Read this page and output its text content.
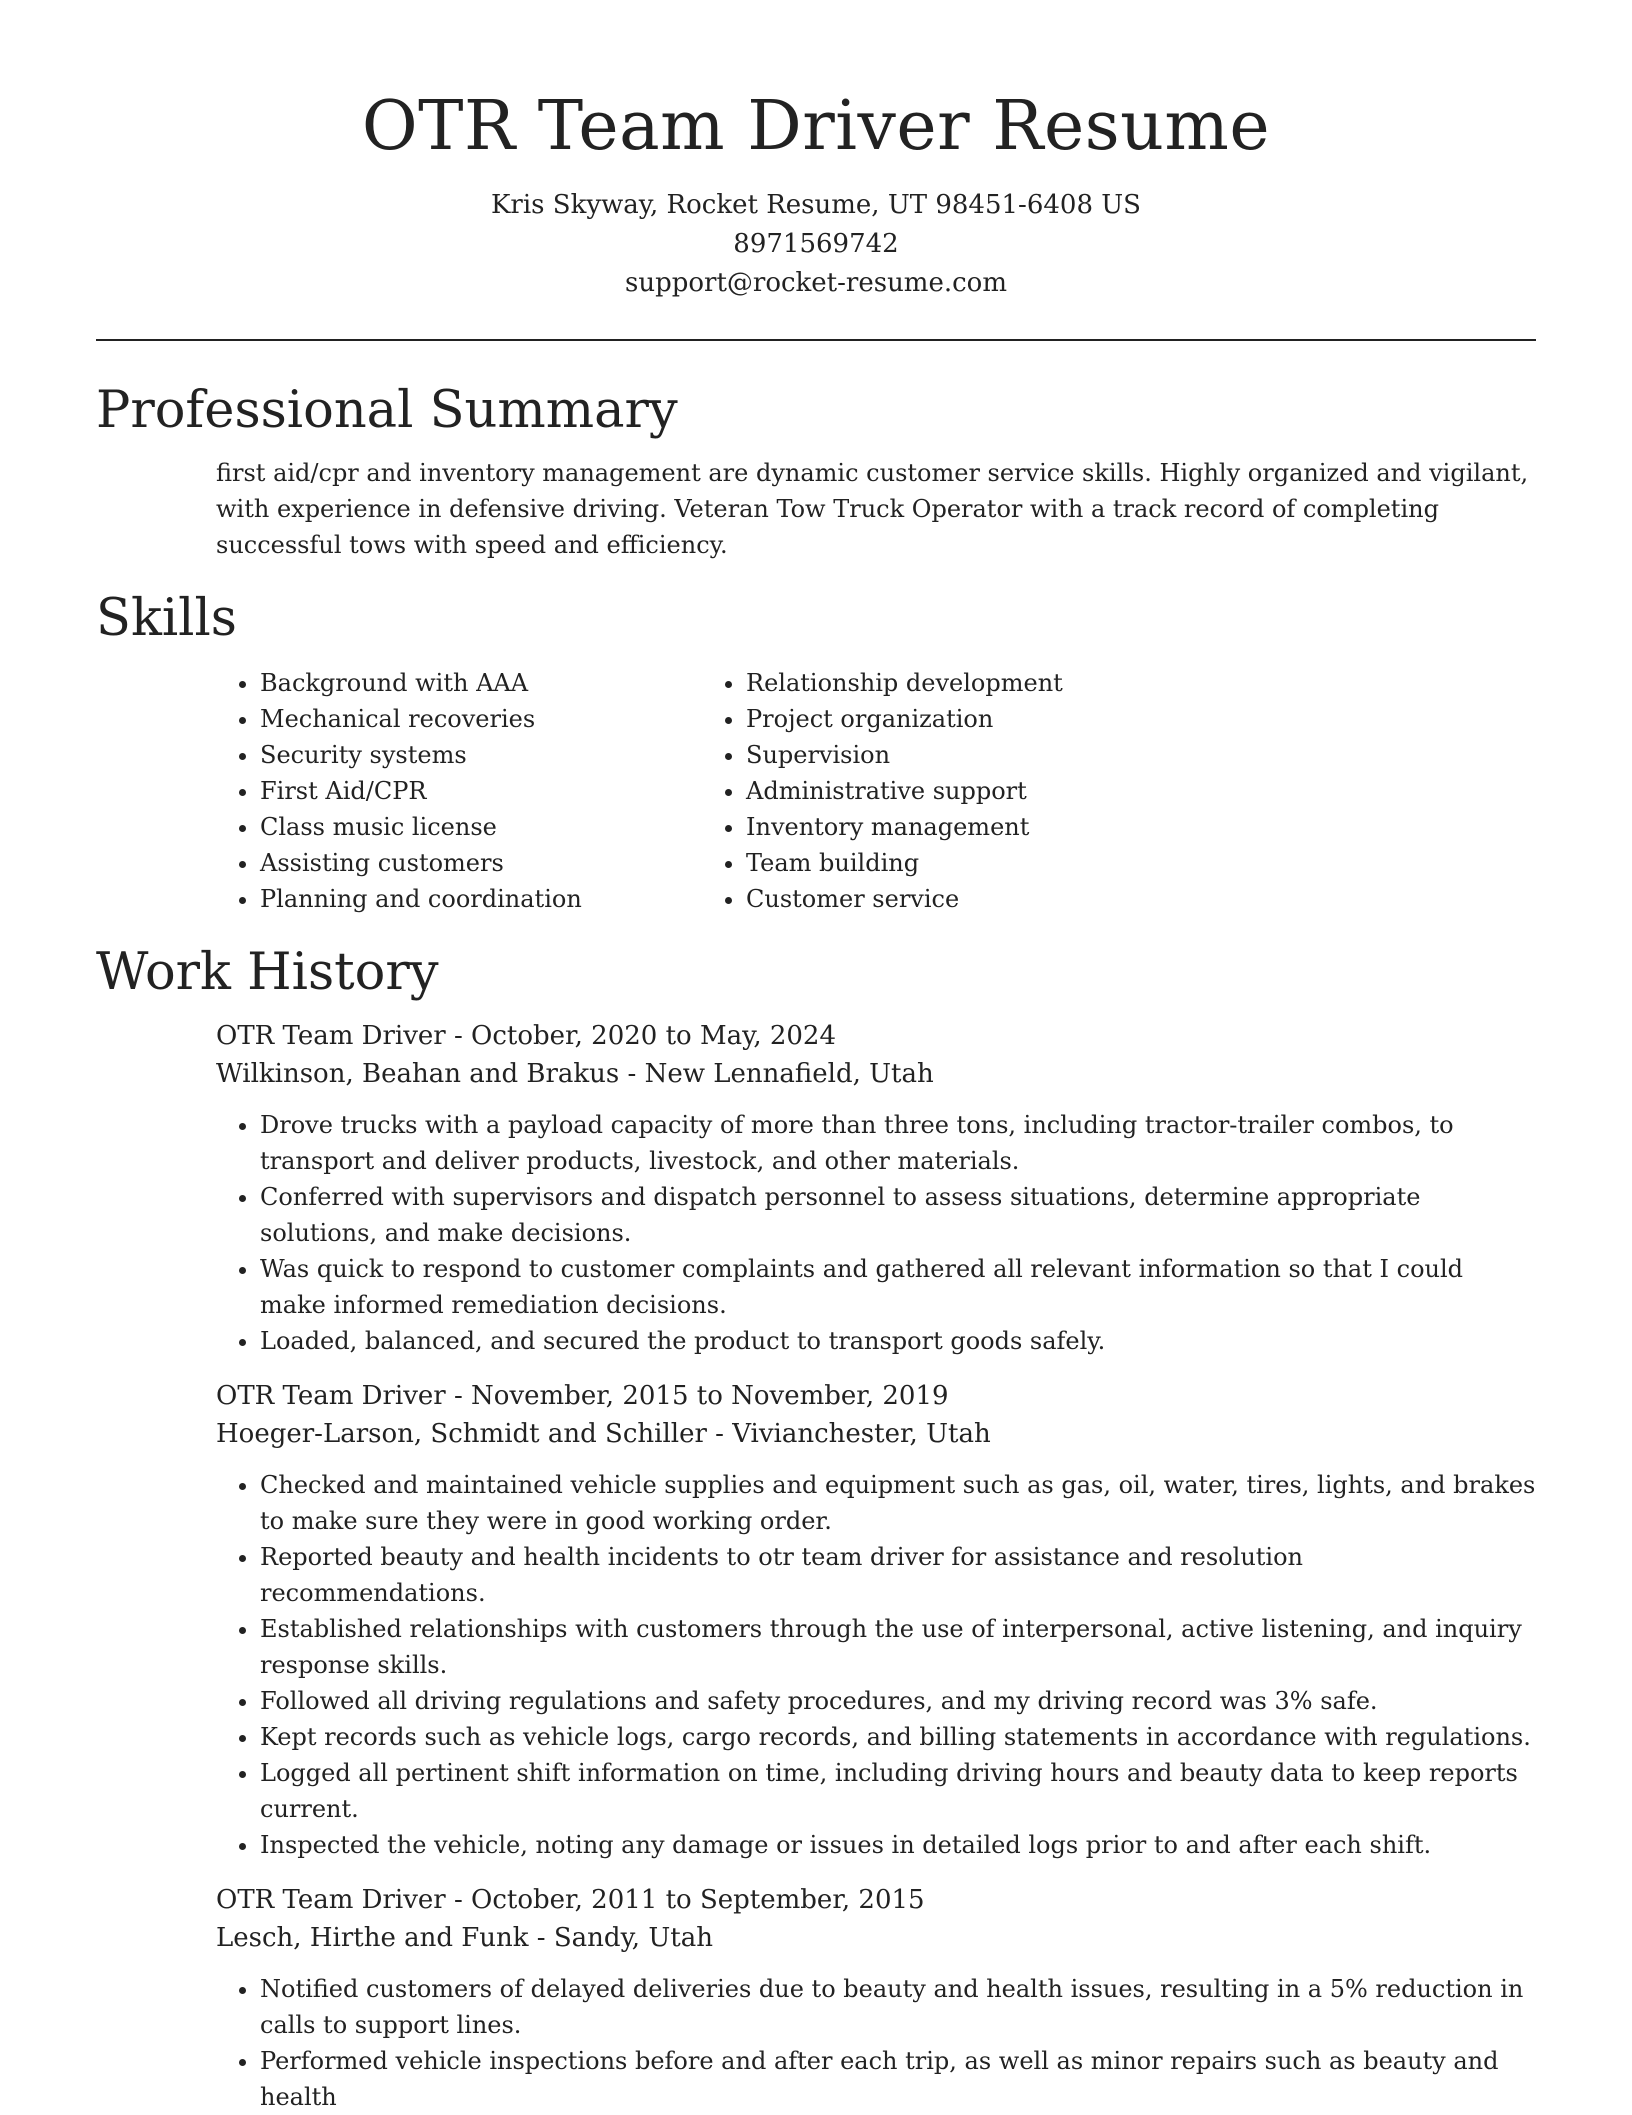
OTR Team Driver Resume

Kris Skyway, Rocket Resume, UT 98451-6408 US

8971569742

support@rocket-resume.com

Professional Summary

first aid/cpr and inventory management are dynamic customer service skills. Highly organized and vigilant, with experience in defensive driving. Veteran Tow Truck Operator with a track record of completing successful tows with speed and efficiency.

Skills
• Background with AAA
• Mechanical recoveries
• Security systems
• First Aid/CPR
• Class music license
• Assisting customers
• Planning and coordination
• Relationship development
• Project organization
• Supervision
• Administrative support
• Inventory management
• Team building
• Customer service
Work History

OTR Team Driver - October, 2020 to May, 2024

Wilkinson, Beahan and Brakus - New Lennafield, Utah

• Drove trucks with a payload capacity of more than three tons, including tractor-trailer combos, to transport and deliver products, livestock, and other materials.
• Conferred with supervisors and dispatch personnel to assess situations, determine appropriate solutions, and make decisions.
• Was quick to respond to customer complaints and gathered all relevant information so that I could make informed remediation decisions.
• Loaded, balanced, and secured the product to transport goods safely.

OTR Team Driver - November, 2015 to November, 2019

Hoeger-Larson, Schmidt and Schiller - Vivianchester, Utah

• Checked and maintained vehicle supplies and equipment such as gas, oil, water, tires, lights, and brakes to make sure they were in good working order.
• Reported beauty and health incidents to otr team driver for assistance and resolution recommendations.
• Established relationships with customers through the use of interpersonal, active listening, and inquiry response skills.
• Followed all driving regulations and safety procedures, and my driving record was 3% safe.
• Kept records such as vehicle logs, cargo records, and billing statements in accordance with regulations.
• Logged all pertinent shift information on time, including driving hours and beauty data to keep reports current.
• Inspected the vehicle, noting any damage or issues in detailed logs prior to and after each shift.

OTR Team Driver - October, 2011 to September, 2015

Lesch, Hirthe and Funk - Sandy, Utah

• Notified customers of delayed deliveries due to beauty and health issues, resulting in a 5% reduction in calls to support lines.
• Performed vehicle inspections before and after each trip, as well as minor repairs such as beauty and health
